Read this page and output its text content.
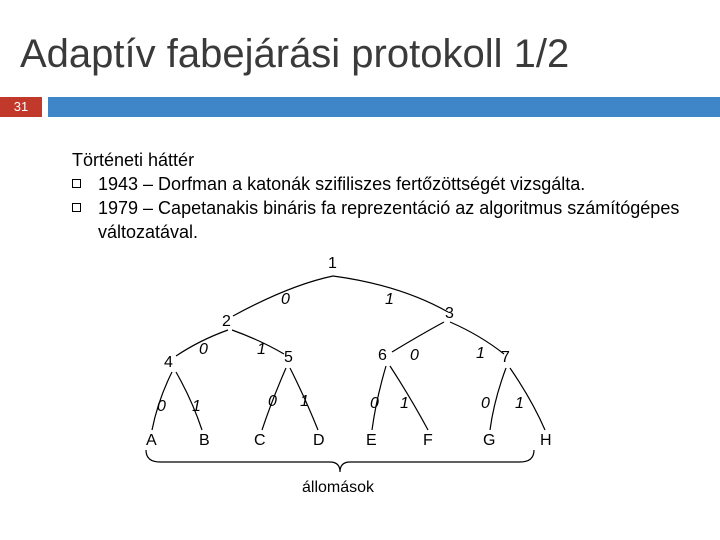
Adaptív fabejárási protokoll 1/2
31
Történeti háttér
1943 – Dorfman a katonák szifiliszes fertőzöttségét vizsgálta.
1979 – Capetanakis bináris fa reprezentáció az algoritmus számítógépes változatával.
1
2	3
4	5	6	7
0	1
0	1	0	1
0 1	0 1	0 1	0 1
A	B	C	D	E	F	G	H
állomások
